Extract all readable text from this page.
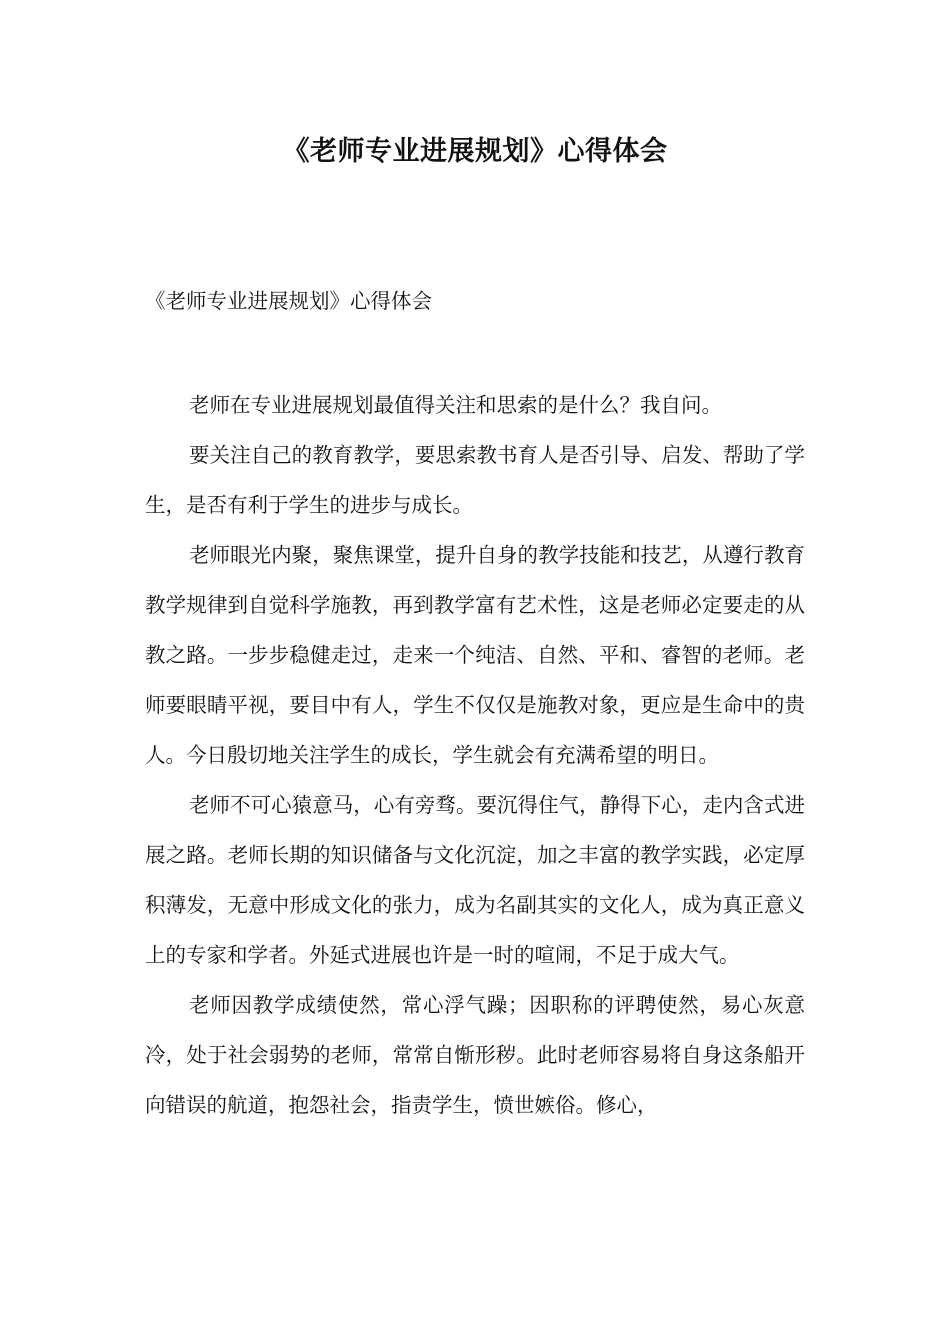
《老师专业进展规划》心得体会

《老师专业进展规划》心得体会

老师在专业进展规划最值得关注和思索的是什么？我自问。

要关注自己的教育教学，要思索教书育人是否引导、启发、帮助了学生，是否有利于学生的进步与成长。

老师眼光内聚，聚焦课堂，提升自身的教学技能和技艺，从遵行教育教学规律到自觉科学施教，再到教学富有艺术性，这是老师必定要走的从教之路。一步步稳健走过，走来一个纯洁、自然、平和、睿智的老师。老师要眼睛平视，要目中有人，学生不仅仅是施教对象，更应是生命中的贵人。今日殷切地关注学生的成长，学生就会有充满希望的明日。

老师不可心猿意马，心有旁骛。要沉得住气，静得下心，走内含式进展之路。老师长期的知识储备与文化沉淀，加之丰富的教学实践，必定厚积薄发，无意中形成文化的张力，成为名副其实的文化人，成为真正意义上的专家和学者。外延式进展也许是一时的喧闹，不足于成大气。

老师因教学成绩使然，常心浮气躁；因职称的评聘使然，易心灰意冷，处于社会弱势的老师，常常自惭形秽。此时老师容易将自身这条船开向错误的航道，抱怨社会，指责学生，愤世嫉俗。修心，
